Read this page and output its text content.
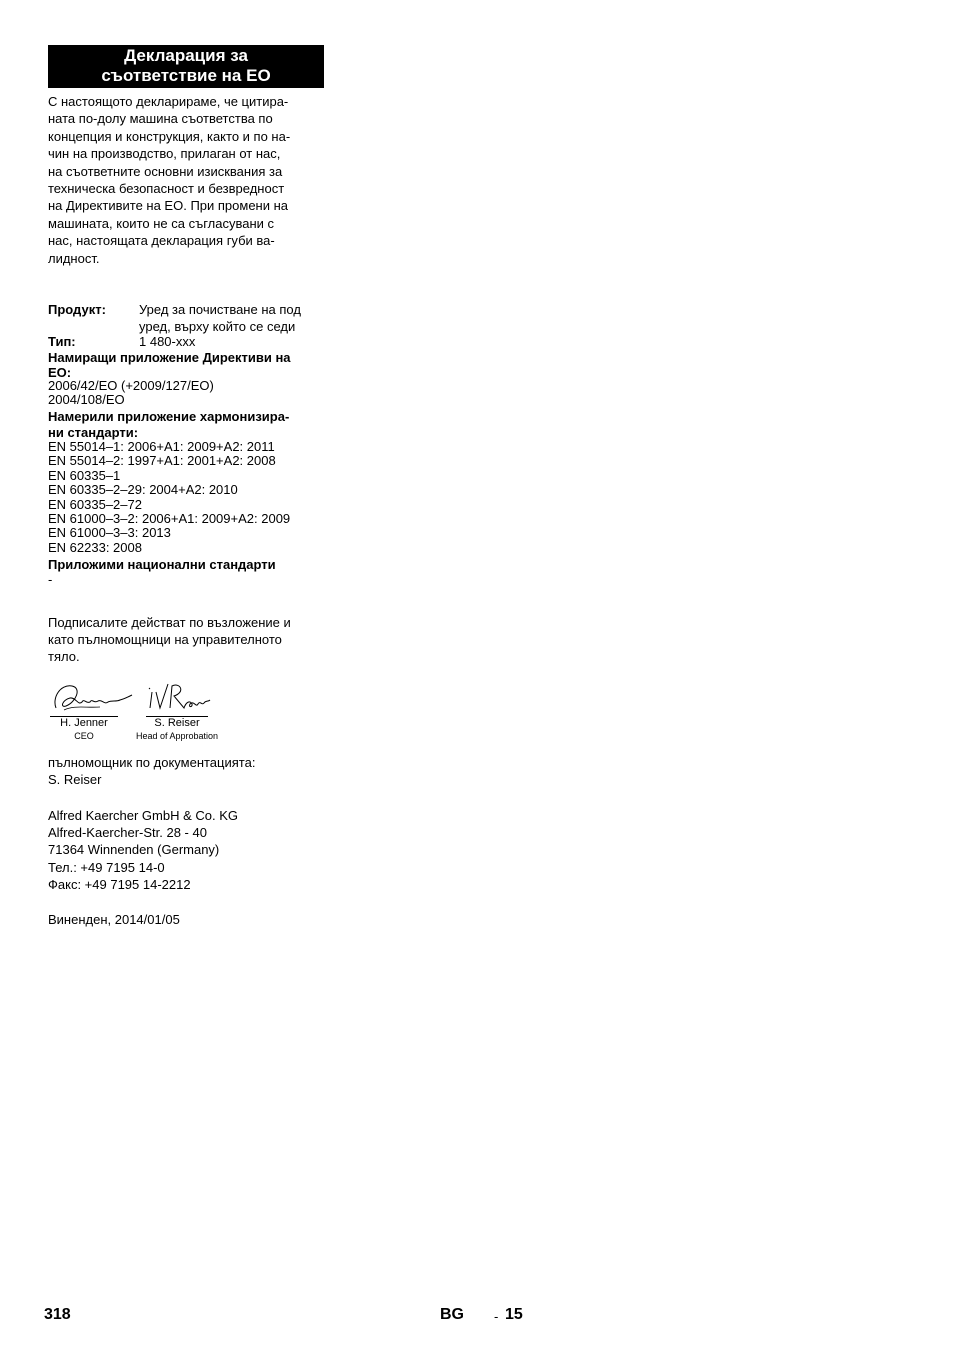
Декларация за
съответствие на ЕО
С настоящото декларираме, че цитира-
ната по-долу машина съответства по
концепция и конструкция, както и по на-
чин на производство, прилаган от нас,
на съответните основни изисквания за
техническа безопасност и безвредност
на Директивите на ЕО. При промени на
машината, които не са съгласувани с
нас, настоящата декларация губи ва-
лидност.
Продукт:	Уред за почистване на под
уред, върху който се седи
Тип:	1 480-xxx
Намиращи приложение Директиви на
ЕО:
2006/42/ЕО (+2009/127/ЕО)
2004/108/ЕО
Намерили приложение хармонизира-
ни стандарти:
EN 55014–1: 2006+A1: 2009+A2: 2011
EN 55014–2: 1997+A1: 2001+A2: 2008
EN 60335–1
EN 60335–2–29: 2004+A2: 2010
EN 60335–2–72
EN 61000–3–2: 2006+A1: 2009+A2: 2009
EN 61000–3–3: 2013
EN 62233: 2008
Приложими национални стандарти
-
Подписалите действат по възложение и
като пълномощници на управителното
тяло.
H. Jenner
CEO
S. Reiser
Head of Approbation
пълномощник по документацията:
S. Reiser
Alfred Kaercher GmbH & Co. KG
Alfred-Kaercher-Str. 28 - 40
71364 Winnenden (Germany)
Тел.: +49 7195 14-0
Факс: +49 7195 14-2212
Виненден, 2014/01/05
318	BG - 15
